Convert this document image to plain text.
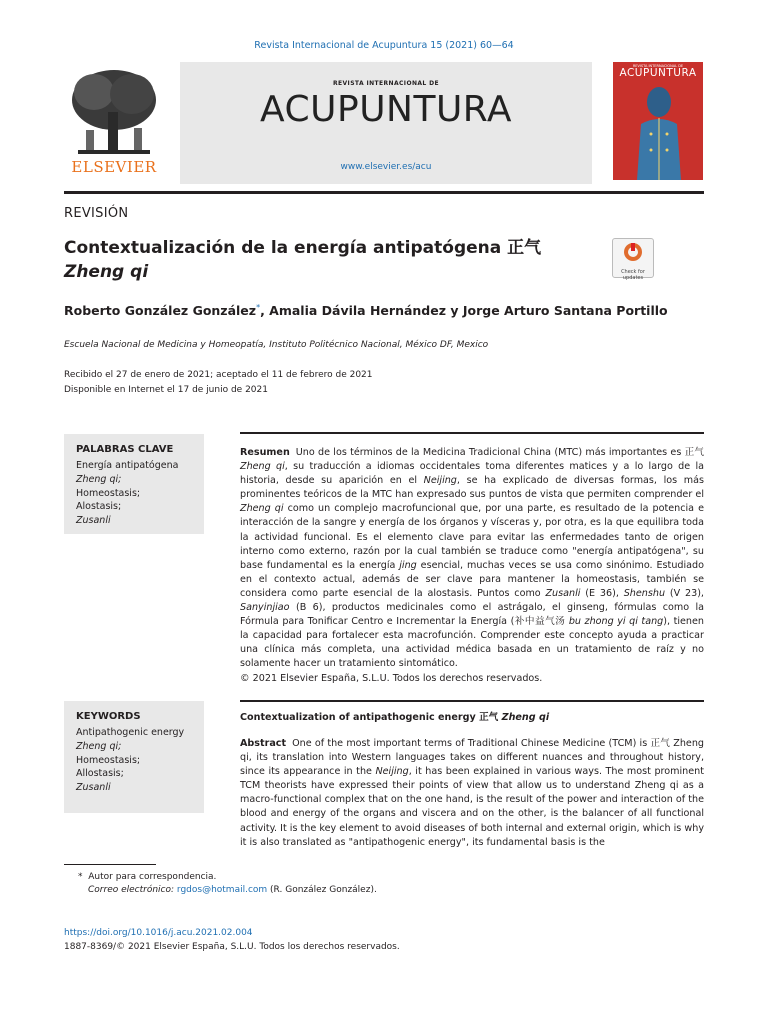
Revista Internacional de Acupuntura 15 (2021) 60—64
ELSEVIER
REVISTA INTERNACIONAL DE
ACUPUNTURA
www.elsevier.es/acu
REVISTA INTERNACIONAL DE
ACUPUNTURA
REVISIÓN
Contextualización de la energía antipatógena 正气
Zheng qi	Check for updates
Roberto González González*, Amalia Dávila Hernández y Jorge Arturo Santana Portillo
Escuela Nacional de Medicina y Homeopatía, Instituto Politécnico Nacional, México DF, Mexico
Recibido el 27 de enero de 2021; aceptado el 11 de febrero de 2021
Disponible en Internet el 17 de junio de 2021
PALABRAS CLAVE
Energía antipatógena
Zheng qi;
Homeostasis;
Alostasis;
Zusanli
Resumen Uno de los términos de la Medicina Tradicional China (MTC) más importantes es 正气 Zheng qi, su traducción a idiomas occidentales toma diferentes matices y a lo largo de la historia, desde su aparición en el Neijing, se ha explicado de diversas formas, los más prominentes teóricos de la MTC han expresado sus puntos de vista que permiten comprender el Zheng qi como un complejo macrofuncional que, por una parte, es resultado de la potencia e interacción de la sangre y energía de los órganos y vísceras y, por otra, es la que equilibra toda la actividad funcional. Es el elemento clave para evitar las enfermedades tanto de origen interno como externo, razón por la cual también se traduce como "energía antipatógena", su base fundamental es la energía jing esencial, muchas veces se usa como sinónimo. Estudiado en el contexto actual, además de ser clave para mantener la homeostasis, también se considera como parte esencial de la alostasis. Puntos como Zusanli (E 36), Shenshu (V 23), Sanyinjiao (B 6), productos medicinales como el astrágalo, el ginseng, fórmulas como la Fórmula para Tonificar Centro e Incrementar la Energía (补中益气汤 bu zhong yi qi tang), tienen la capacidad para fortalecer esta macrofunción. Comprender este concepto ayuda a practicar una clínica más completa, una actividad médica basada en un tratamiento de raíz y no solamente hacer un tratamiento sintomático.
© 2021 Elsevier España, S.L.U. Todos los derechos reservados.
KEYWORDS
Antipathogenic energy
Zheng qi;
Homeostasis;
Allostasis;
Zusanli
Contextualization of antipathogenic energy 正气 Zheng qi
Abstract One of the most important terms of Traditional Chinese Medicine (TCM) is 正气 Zheng qi, its translation into Western languages takes on different nuances and throughout history, since its appearance in the Neijing, it has been explained in various ways. The most prominent TCM theorists have expressed their points of view that allow us to understand Zheng qi as a macro-functional complex that on the one hand, is the result of the power and interaction of the blood and energy of the organs and viscera and on the other, is the balancer of all functional activity. It is the key element to avoid diseases of both internal and external origin, which is why it is also translated as "antipathogenic energy", its fundamental basis is the
* Autor para correspondencia.
Correo electrónico: rgdos@hotmail.com (R. González González).
https://doi.org/10.1016/j.acu.2021.02.004
1887-8369/© 2021 Elsevier España, S.L.U. Todos los derechos reservados.
